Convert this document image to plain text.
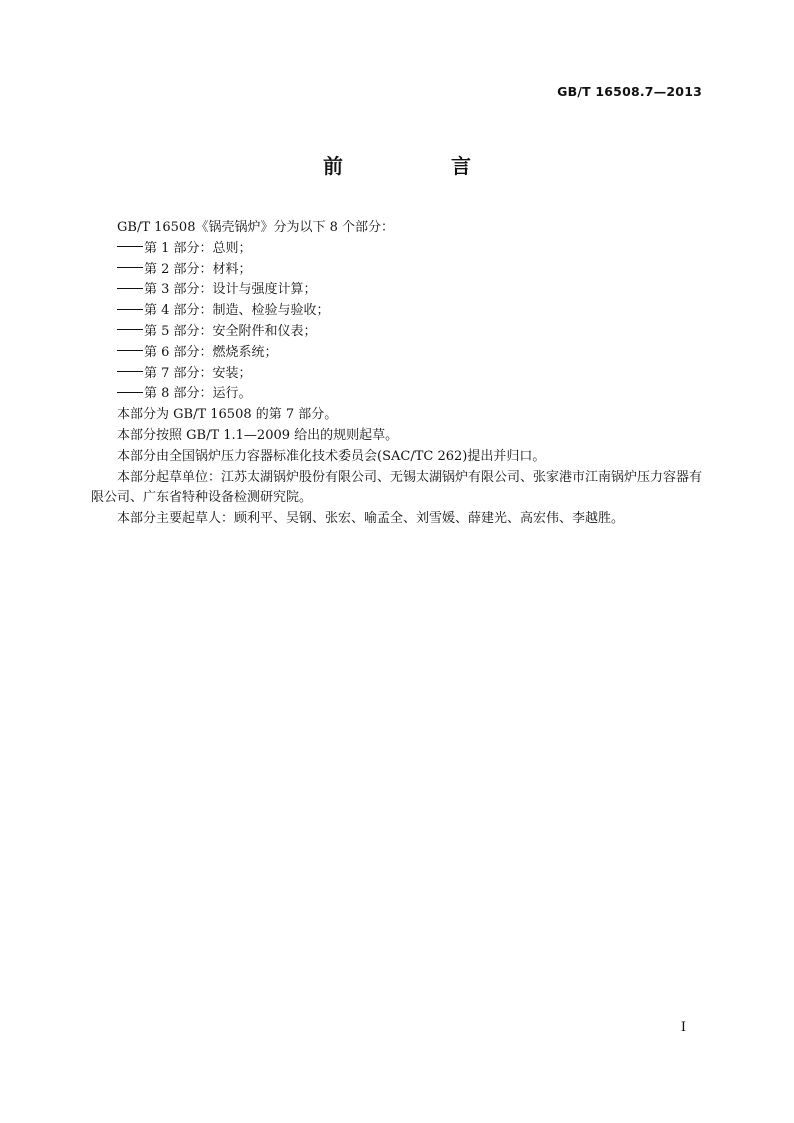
GB/T 16508.7—2013
前　言

GB/T 16508《锅壳锅炉》分为以下 8 个部分：

第 1 部分：总则；

第 2 部分：材料；

第 3 部分：设计与强度计算；

第 4 部分：制造、检验与验收；

第 5 部分：安全附件和仪表；

第 6 部分：燃烧系统；

第 7 部分：安装；

第 8 部分：运行。

本部分为 GB/T 16508 的第 7 部分。

本部分按照 GB/T 1.1—2009 给出的规则起草。

本部分由全国锅炉压力容器标准化技术委员会(SAC/TC 262)提出并归口。

本部分起草单位：江苏太湖锅炉股份有限公司、无锡太湖锅炉有限公司、张家港市江南锅炉压力容器有限公司、广东省特种设备检测研究院。

本部分主要起草人：顾利平、吴钢、张宏、喻孟全、刘雪媛、薛建光、高宏伟、李越胜。

I
